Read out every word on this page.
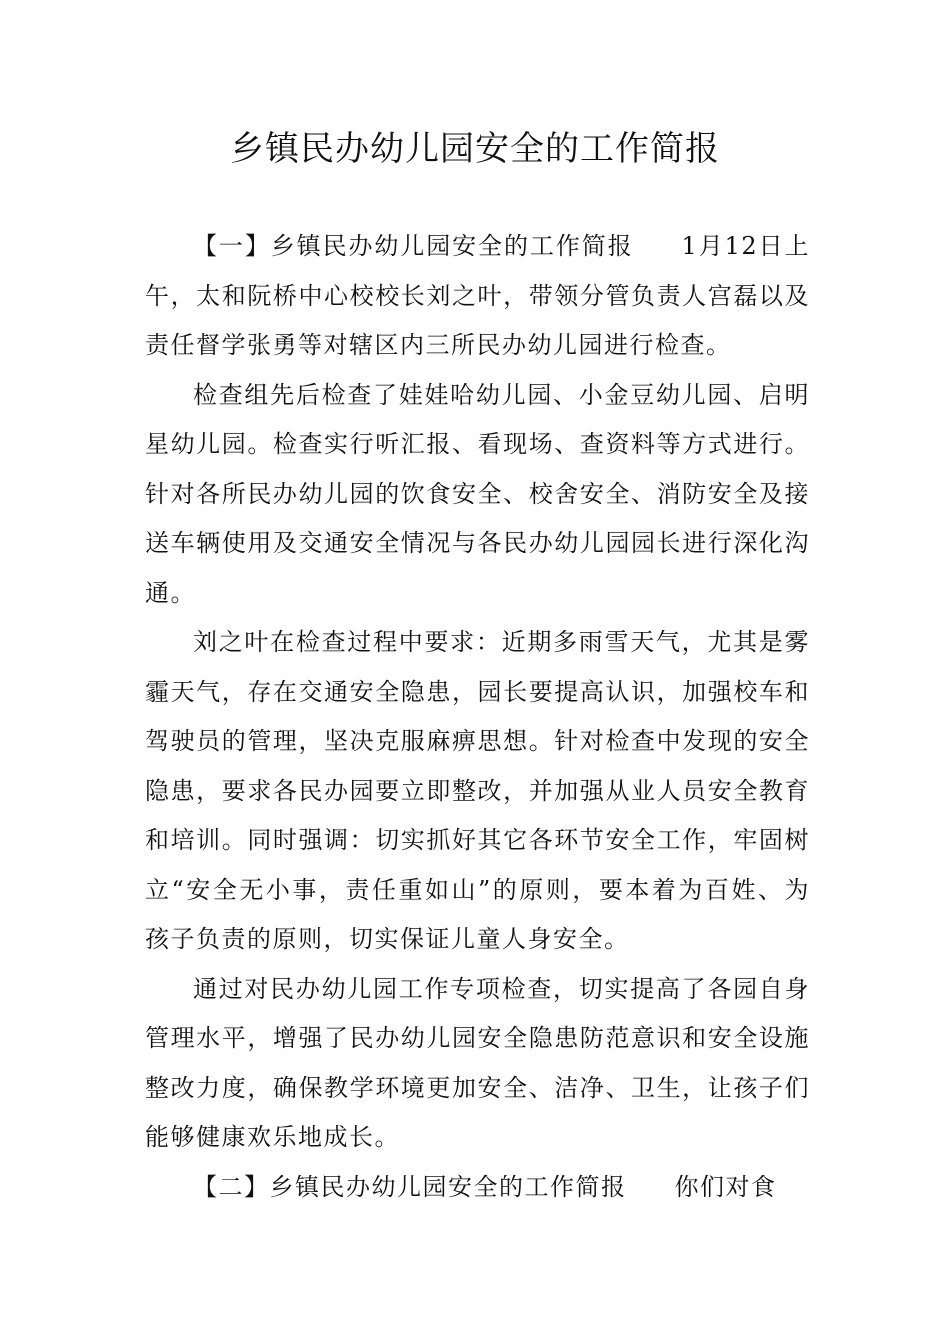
乡镇民办幼儿园安全的工作简报

【一】乡镇民办幼儿园安全的工作简报 1月12日上午，太和阮桥中心校校长刘之叶，带领分管负责人宫磊以及责任督学张勇等对辖区内三所民办幼儿园进行检查。

检查组先后检查了娃娃哈幼儿园、小金豆幼儿园、启明星幼儿园。检查实行听汇报、看现场、查资料等方式进行。针对各所民办幼儿园的饮食安全、校舍安全、消防安全及接送车辆使用及交通安全情况与各民办幼儿园园长进行深化沟通。

刘之叶在检查过程中要求：近期多雨雪天气，尤其是雾霾天气，存在交通安全隐患，园长要提高认识，加强校车和驾驶员的管理，坚决克服麻痹思想。针对检查中发现的安全隐患，要求各民办园要立即整改，并加强从业人员安全教育和培训。同时强调：切实抓好其它各环节安全工作，牢固树立“安全无小事，责任重如山”的原则，要本着为百姓、为孩子负责的原则，切实保证儿童人身安全。

通过对民办幼儿园工作专项检查，切实提高了各园自身管理水平，增强了民办幼儿园安全隐患防范意识和安全设施整改力度，确保教学环境更加安全、洁净、卫生，让孩子们能够健康欢乐地成长。

【二】乡镇民办幼儿园安全的工作简报 你们对食
